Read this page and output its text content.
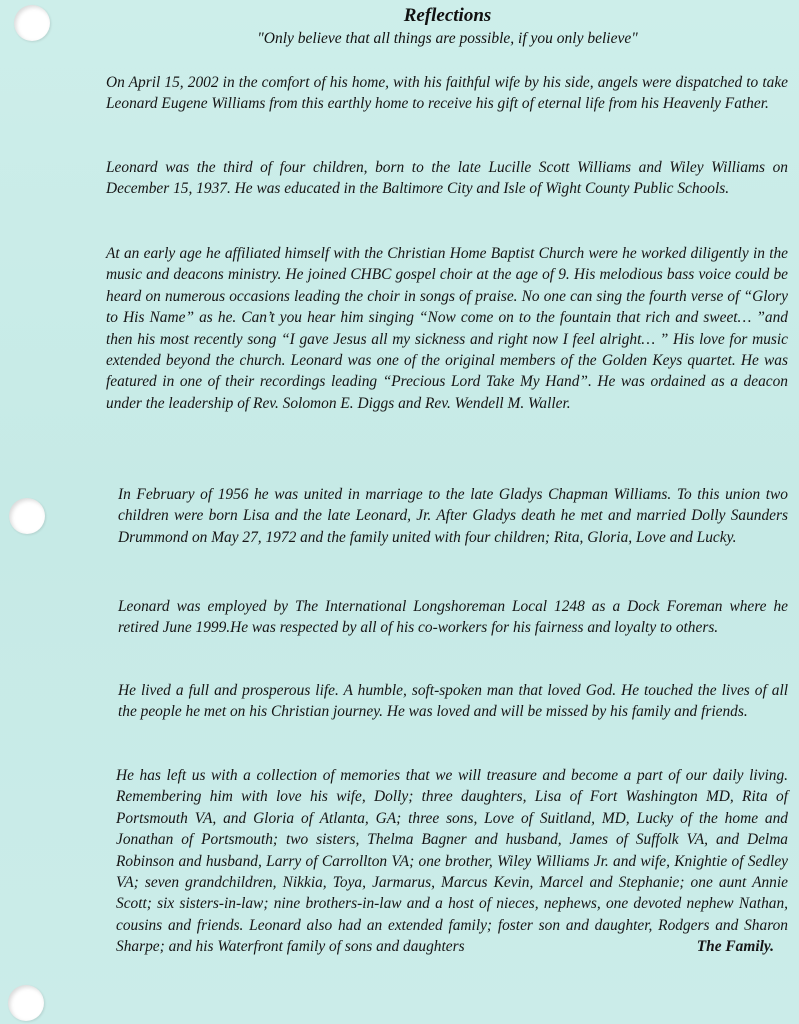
Reflections

"Only believe that all things are possible, if you only believe"

On April 15, 2002 in the comfort of his home, with his faithful wife by his side, angels were dispatched to take Leonard Eugene Williams from this earthly home to receive his gift of eternal life from his Heavenly Father.

Leonard was the third of four children, born to the late Lucille Scott Williams and Wiley Williams on December 15, 1937. He was educated in the Baltimore City and Isle of Wight County Public Schools.

At an early age he affiliated himself with the Christian Home Baptist Church were he worked diligently in the music and deacons ministry. He joined CHBC gospel choir at the age of 9. His melodious bass voice could be heard on numerous occasions leading the choir in songs of praise. No one can sing the fourth verse of “Glory to His Name” as he. Can’t you hear him singing “Now come on to the fountain that rich and sweet… ”and then his most recently song “I gave Jesus all my sickness and right now I feel alright… ” His love for music extended beyond the church. Leonard was one of the original members of the Golden Keys quartet. He was featured in one of their recordings leading “Precious Lord Take My Hand”. He was ordained as a deacon under the leadership of Rev. Solomon E. Diggs and Rev. Wendell M. Waller.

In February of 1956 he was united in marriage to the late Gladys Chapman Williams. To this union two children were born Lisa and the late Leonard, Jr. After Gladys death he met and married Dolly Saunders Drummond on May 27, 1972 and the family united with four children; Rita, Gloria, Love and Lucky.

Leonard was employed by The International Longshoreman Local 1248 as a Dock Foreman where he retired June 1999.He was respected by all of his co-workers for his fairness and loyalty to others.

He lived a full and prosperous life. A humble, soft-spoken man that loved God. He touched the lives of all the people he met on his Christian journey. He was loved and will be missed by his family and friends.

He has left us with a collection of memories that we will treasure and become a part of our daily living. Remembering him with love his wife, Dolly; three daughters, Lisa of Fort Washington MD, Rita of Portsmouth VA, and Gloria of Atlanta, GA; three sons, Love of Suitland, MD, Lucky of the home and Jonathan of Portsmouth; two sisters, Thelma Bagner and husband, James of Suffolk VA, and Delma Robinson and husband, Larry of Carrollton VA; one brother, Wiley Williams Jr. and wife, Knightie of Sedley VA; seven grandchildren, Nikkia, Toya, Jarmarus, Marcus Kevin, Marcel and Stephanie; one aunt Annie Scott; six sisters-in-law; nine brothers-in-law and a host of nieces, nephews, one devoted nephew Nathan, cousins and friends. Leonard also had an extended family; foster son and daughter, Rodgers and Sharon Sharpe; and his Waterfront family of sons and daughters	The Family.
